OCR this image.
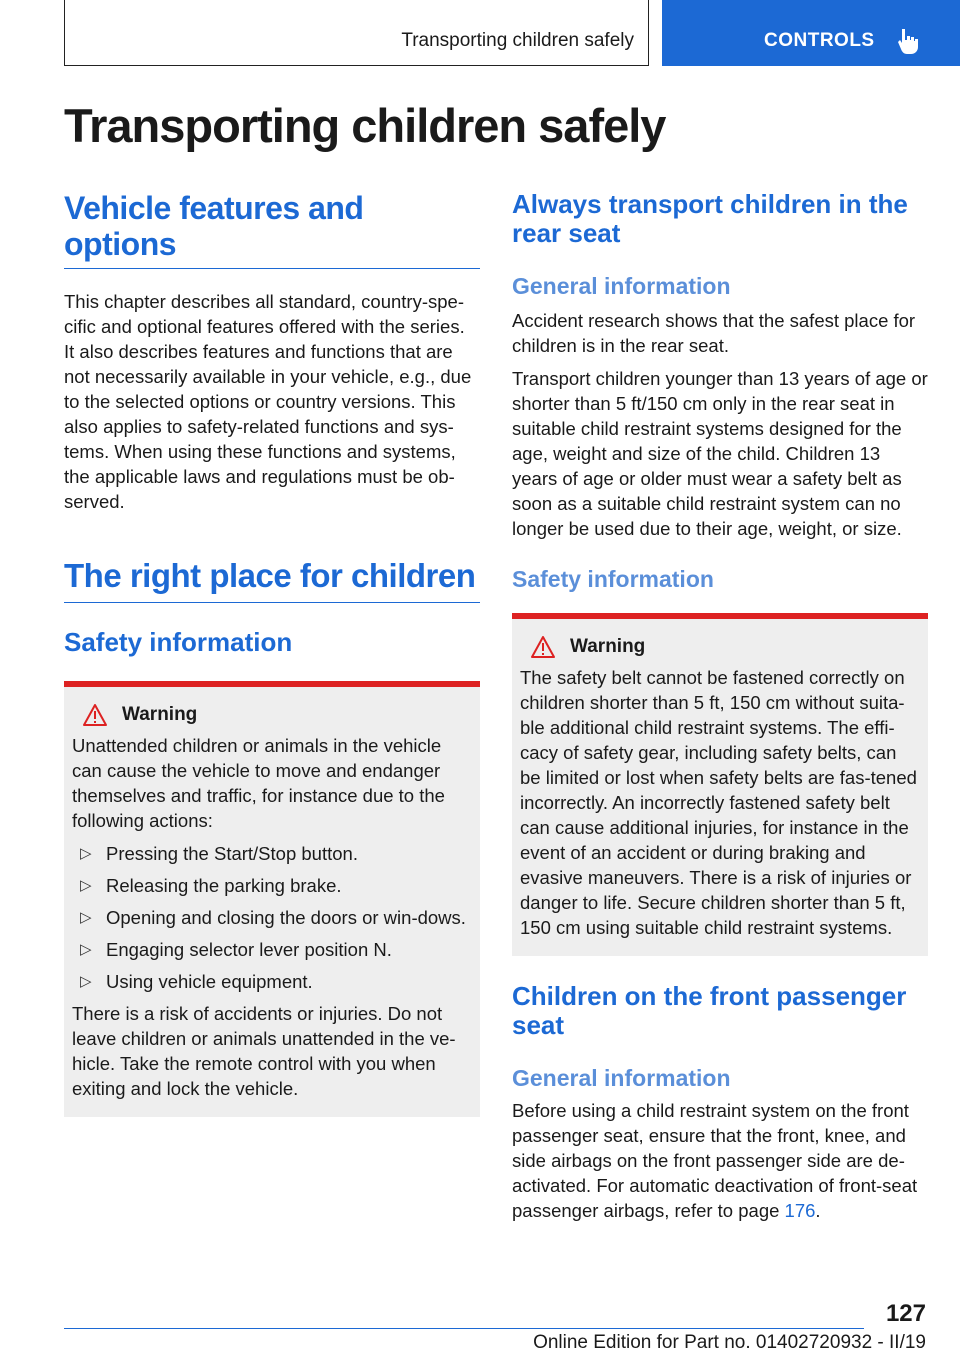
Transporting children safely	CONTROLS
Transporting children safely
Vehicle features and options
This chapter describes all standard, country-spe-cific and optional features offered with the series. It also describes features and functions that are not necessarily available in your vehicle, e.g., due to the selected options or country versions. This also applies to safety-related functions and sys-tems. When using these functions and systems, the applicable laws and regulations must be ob-served.
The right place for children
Safety information
Warning
Unattended children or animals in the vehicle can cause the vehicle to move and endanger themselves and traffic, for instance due to the following actions:
▷ Pressing the Start/Stop button.
▷ Releasing the parking brake.
▷ Opening and closing the doors or win-dows.
▷ Engaging selector lever position N.
▷ Using vehicle equipment.
There is a risk of accidents or injuries. Do not leave children or animals unattended in the ve-hicle. Take the remote control with you when exiting and lock the vehicle.
Always transport children in the rear seat
General information
Accident research shows that the safest place for children is in the rear seat.
Transport children younger than 13 years of age or shorter than 5 ft/150 cm only in the rear seat in suitable child restraint systems designed for the age, weight and size of the child. Children 13 years of age or older must wear a safety belt as soon as a suitable child restraint system can no longer be used due to their age, weight, or size.
Safety information
Warning
The safety belt cannot be fastened correctly on children shorter than 5 ft, 150 cm without suita-ble additional child restraint systems. The effi-cacy of safety gear, including safety belts, can be limited or lost when safety belts are fas-tened incorrectly. An incorrectly fastened safety belt can cause additional injuries, for instance in the event of an accident or during braking and evasive maneuvers. There is a risk of injuries or danger to life. Secure children shorter than 5 ft, 150 cm using suitable child restraint systems.
Children on the front passenger seat
General information
Before using a child restraint system on the front passenger seat, ensure that the front, knee, and side airbags on the front passenger side are de-activated. For automatic deactivation of front-seat passenger airbags, refer to page 176.
127
Online Edition for Part no. 01402720932 - II/19
